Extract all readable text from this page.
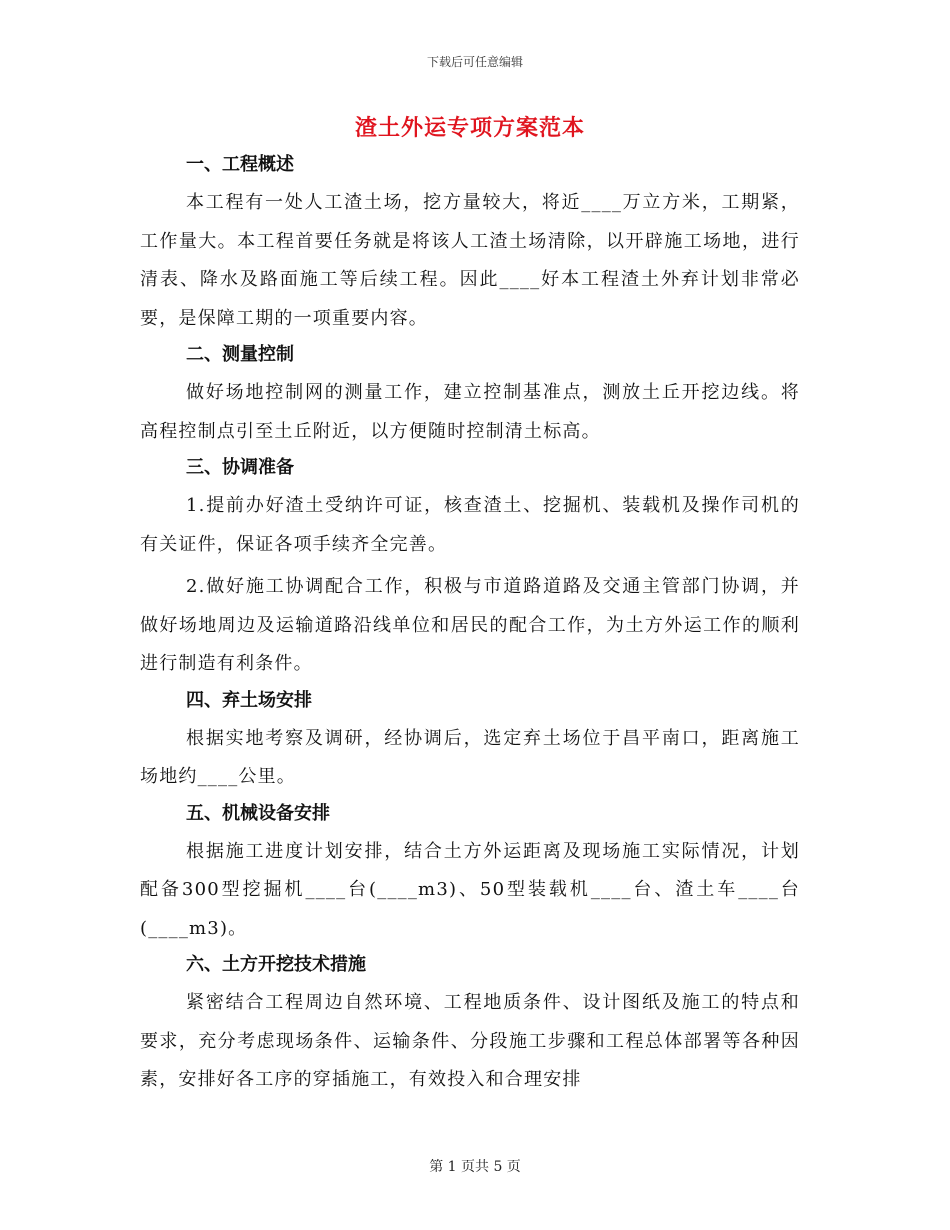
下载后可任意编辑
渣土外运专项方案范本
一、工程概述

本工程有一处人工渣土场，挖方量较大，将近____万立方米，工期紧，工作量大。本工程首要任务就是将该人工渣土场清除，以开辟施工场地，进行清表、降水及路面施工等后续工程。因此____好本工程渣土外弃计划非常必要，是保障工期的一项重要内容。

二、测量控制

做好场地控制网的测量工作，建立控制基准点，测放土丘开挖边线。将高程控制点引至土丘附近，以方便随时控制清土标高。

三、协调准备

1.提前办好渣土受纳许可证，核查渣土、挖掘机、装载机及操作司机的有关证件，保证各项手续齐全完善。

2.做好施工协调配合工作，积极与市道路道路及交通主管部门协调，并做好场地周边及运输道路沿线单位和居民的配合工作，为土方外运工作的顺利进行制造有利条件。

四、弃土场安排

根据实地考察及调研，经协调后，选定弃土场位于昌平南口，距离施工场地约____公里。

五、机械设备安排

根据施工进度计划安排，结合土方外运距离及现场施工实际情况，计划配备300型挖掘机____台(____m3)、50型装载机____台、渣土车____台(____m3)。

六、土方开挖技术措施

紧密结合工程周边自然环境、工程地质条件、设计图纸及施工的特点和要求，充分考虑现场条件、运输条件、分段施工步骤和工程总体部署等各种因素，安排好各工序的穿插施工，有效投入和合理安排

第 1 页共 5 页
